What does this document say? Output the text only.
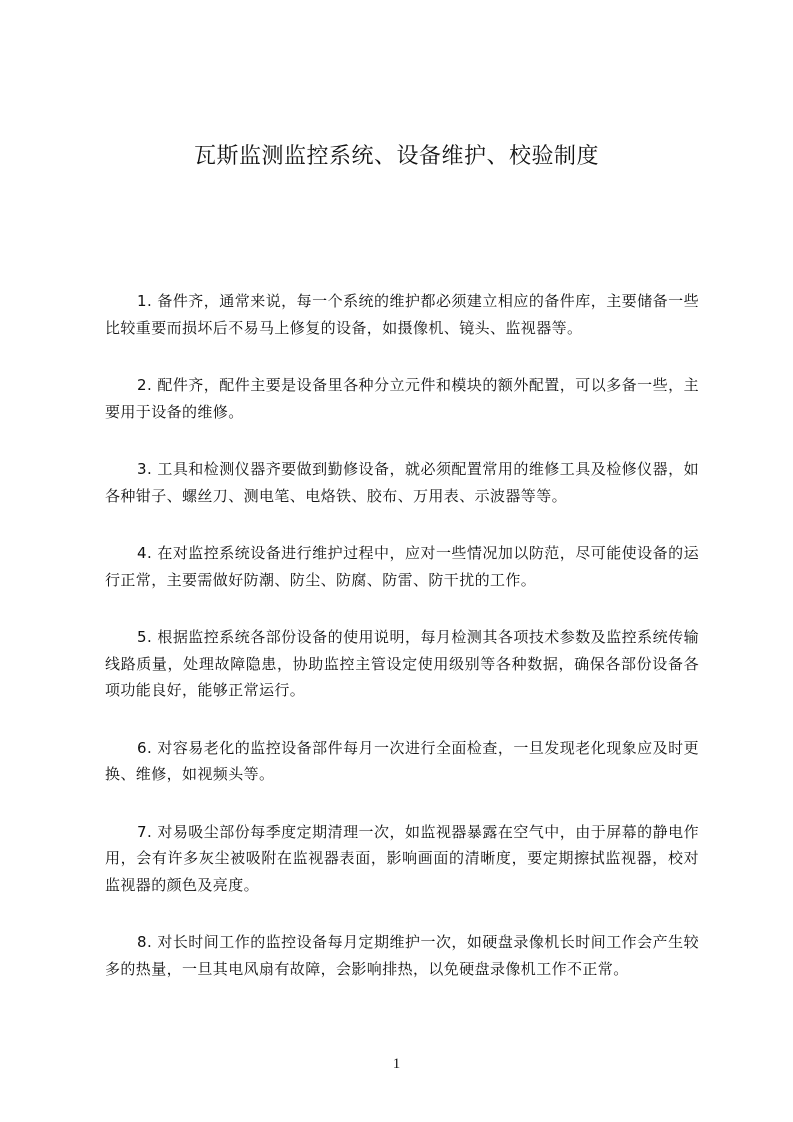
瓦斯监测监控系统、设备维护、校验制度

1. 备件齐，通常来说，每一个系统的维护都必须建立相应的备件库，主要储备一些比较重要而损坏后不易马上修复的设备，如摄像机、镜头、监视器等。

2. 配件齐，配件主要是设备里各种分立元件和模块的额外配置，可以多备一些，主要用于设备的维修。

3. 工具和检测仪器齐要做到勤修设备，就必须配置常用的维修工具及检修仪器，如各种钳子、螺丝刀、测电笔、电烙铁、胶布、万用表、示波器等等。

4. 在对监控系统设备进行维护过程中，应对一些情况加以防范，尽可能使设备的运行正常，主要需做好防潮、防尘、防腐、防雷、防干扰的工作。

5. 根据监控系统各部份设备的使用说明，每月检测其各项技术参数及监控系统传输线路质量，处理故障隐患，协助监控主管设定使用级别等各种数据，确保各部份设备各项功能良好，能够正常运行。

6. 对容易老化的监控设备部件每月一次进行全面检查，一旦发现老化现象应及时更换、维修，如视频头等。

7. 对易吸尘部份每季度定期清理一次，如监视器暴露在空气中，由于屏幕的静电作用，会有许多灰尘被吸附在监视器表面，影响画面的清晰度，要定期擦拭监视器，校对监视器的颜色及亮度。

8. 对长时间工作的监控设备每月定期维护一次，如硬盘录像机长时间工作会产生较多的热量，一旦其电风扇有故障，会影响排热，以免硬盘录像机工作不正常。

1
